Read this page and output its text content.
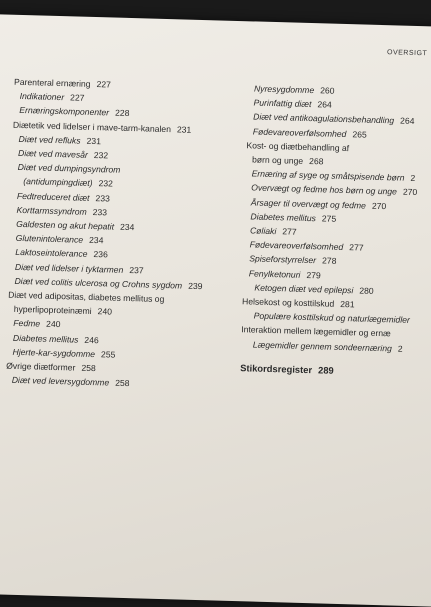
OVERSIGT
Parenteral ernæring 227
Indikationer 227
Ernæringskomponenter 228
Diætetik ved lidelser i mave-tarm-kanalen 231
Diæt ved refluks 231
Diæt ved mavesår 232
Diæt ved dumpingsyndrom
(antidumpingdiæt) 232
Fedtreduceret diæt 233
Korttarmssyndrom 233
Galdesten og akut hepatit 234
Glutenintolerance 234
Laktoseintolerance 236
Diæt ved lidelser i tyktarmen 237
Diæt ved colitis ulcerosa og Crohns sygdom 239
Diæt ved adipositas, diabetes mellitus og
hyperlipoproteinæmi 240
Fedme 240
Diabetes mellitus 246
Hjerte-kar-sygdomme 255
Øvrige diætformer 258
Diæt ved leversygdomme 258
Nyresygdomme 260
Purinfattig diæt 264
Diæt ved antikoagulationsbehandling 264
Fødevareoverfølsomhed 265
Kost- og diætbehandling af
børn og unge 268
Ernæring af syge og småtspisende børn 2
Overvægt og fedme hos børn og unge 270
Årsager til overvægt og fedme 270
Diabetes mellitus 275
Cøliaki 277
Fødevareoverfølsomhed 277
Spiseforstyrrelser 278
Fenylketonuri 279
Ketogen diæt ved epilepsi 280
Helsekost og kosttilskud 281
Populære kosttilskud og naturlægemidler
Interaktion mellem lægemidler og ernæ
Lægemidler gennem sondeernæring 2
Stikordsregister 289
